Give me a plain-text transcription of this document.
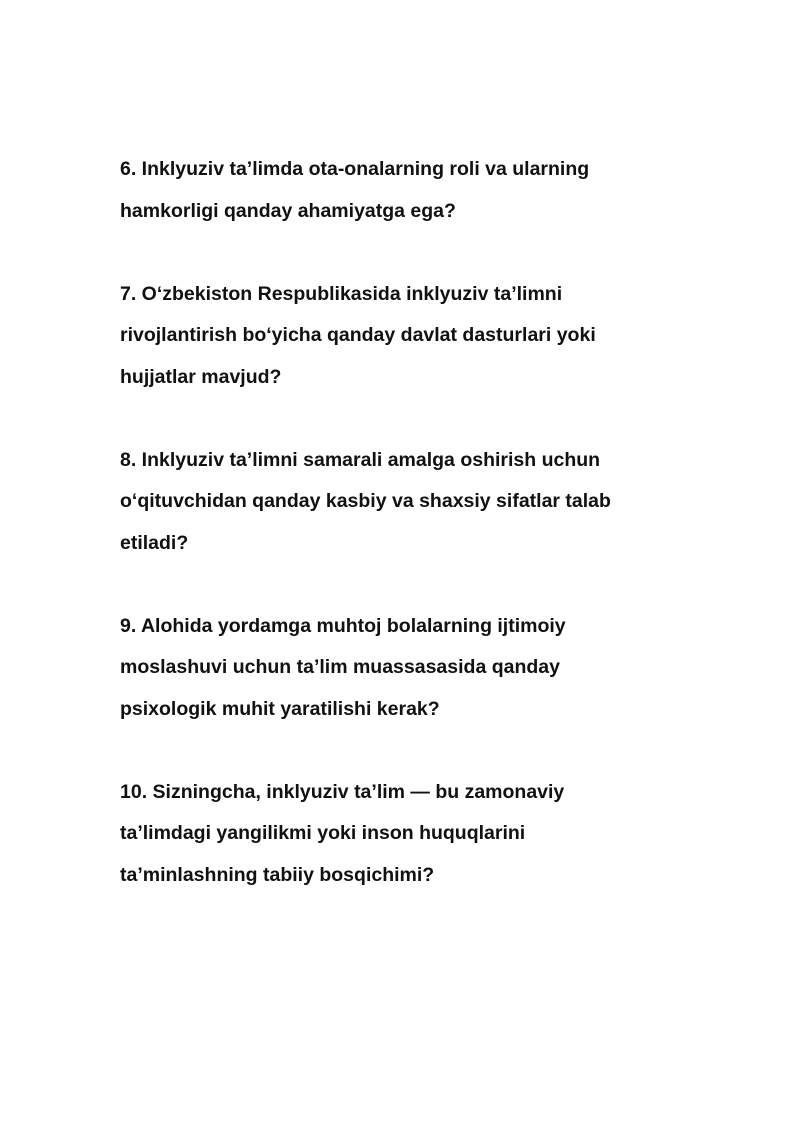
6. Inklyuziv ta’limda ota-onalarning roli va ularning
hamkorligi qanday ahamiyatga ega?

7. O‘zbekiston Respublikasida inklyuziv ta’limni
rivojlantirish bo‘yicha qanday davlat dasturlari yoki
hujjatlar mavjud?

8. Inklyuziv ta’limni samarali amalga oshirish uchun
o‘qituvchidan qanday kasbiy va shaxsiy sifatlar talab
etiladi?

9. Alohida yordamga muhtoj bolalarning ijtimoiy
moslashuvi uchun ta’lim muassasasida qanday
psixologik muhit yaratilishi kerak?

10. Sizningcha, inklyuziv ta’lim — bu zamonaviy
ta’limdagi yangilikmi yoki inson huquqlarini
ta’minlashning tabiiy bosqichimi?
